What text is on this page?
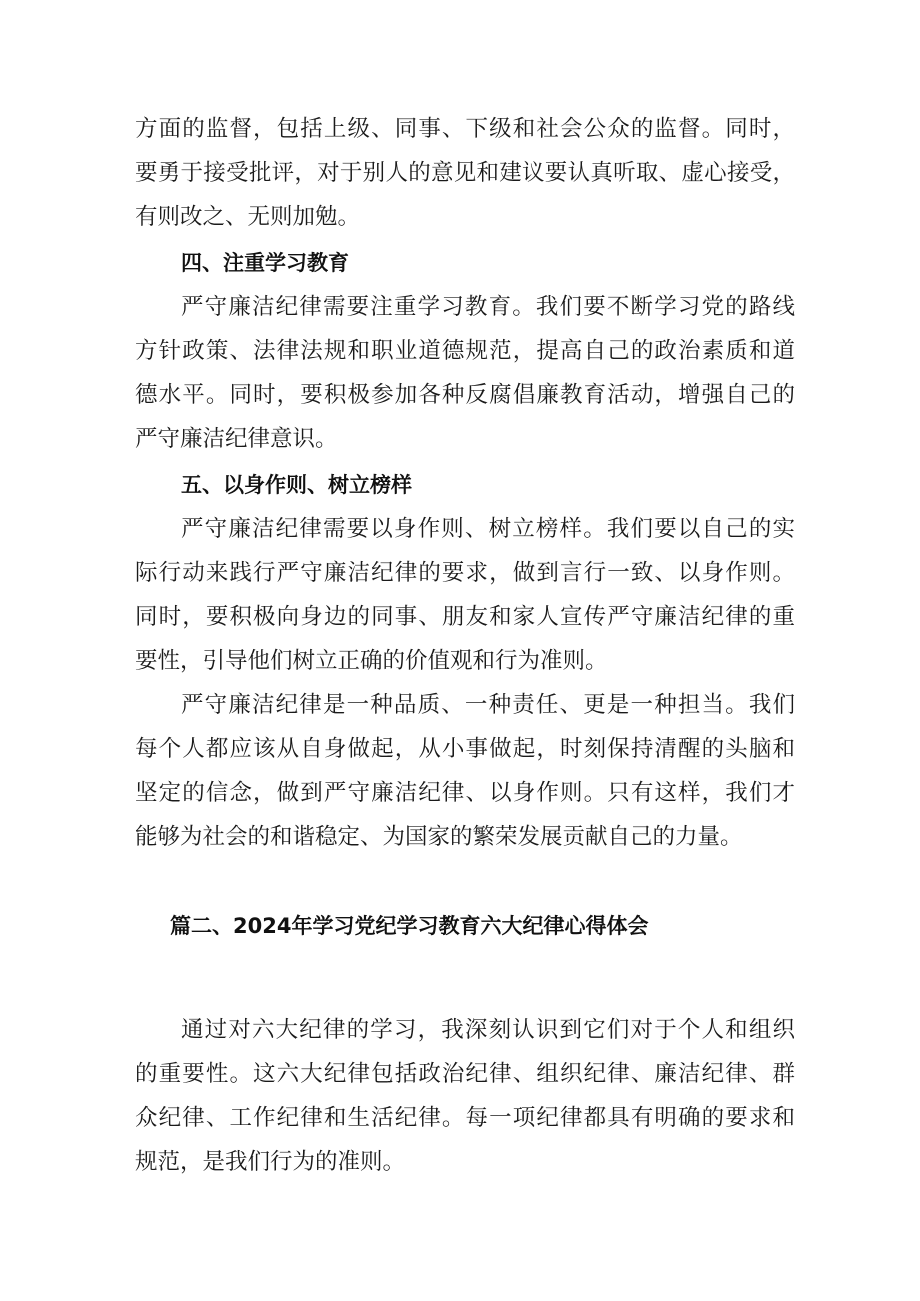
方面的监督，包括上级、同事、下级和社会公众的监督。同时，
要勇于接受批评，对于别人的意见和建议要认真听取、虚心接受，
有则改之、无则加勉。
四、注重学习教育
严守廉洁纪律需要注重学习教育。我们要不断学习党的路线
方针政策、法律法规和职业道德规范，提高自己的政治素质和道
德水平。同时，要积极参加各种反腐倡廉教育活动，增强自己的
严守廉洁纪律意识。
五、以身作则、树立榜样
严守廉洁纪律需要以身作则、树立榜样。我们要以自己的实
际行动来践行严守廉洁纪律的要求，做到言行一致、以身作则。
同时，要积极向身边的同事、朋友和家人宣传严守廉洁纪律的重
要性，引导他们树立正确的价值观和行为准则。
严守廉洁纪律是一种品质、一种责任、更是一种担当。我们
每个人都应该从自身做起，从小事做起，时刻保持清醒的头脑和
坚定的信念，做到严守廉洁纪律、以身作则。只有这样，我们才
能够为社会的和谐稳定、为国家的繁荣发展贡献自己的力量。
篇二、2024年学习党纪学习教育六大纪律心得体会
通过对六大纪律的学习，我深刻认识到它们对于个人和组织
的重要性。这六大纪律包括政治纪律、组织纪律、廉洁纪律、群
众纪律、工作纪律和生活纪律。每一项纪律都具有明确的要求和
规范，是我们行为的准则。
